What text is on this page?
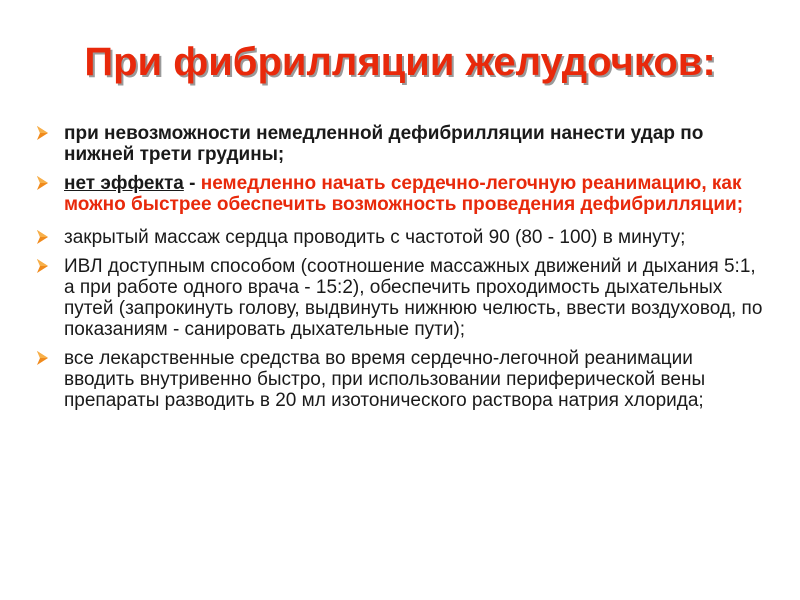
При фибрилляции желудочков:
при невозможности немедленной дефибрилляции нанести удар по нижней трети грудины;
нет эффекта - немедленно начать сердечно-легочную реанимацию, как можно быстрее обеспечить возможность проведения дефибрилляции;
закрытый массаж сердца проводить с частотой 90 (80 - 100) в минуту;
ИВЛ доступным способом (соотношение массажных движений и дыхания 5:1, а при работе одного врача - 15:2), обеспечить проходимость дыхательных путей (запрокинуть голову, выдвинуть нижнюю челюсть, ввести воздуховод, по показаниям - санировать дыхательные пути);
все лекарственные средства во время сердечно-легочной реанимации вводить внутривенно быстро, при использовании периферической вены препараты разводить в 20 мл изотонического раствора натрия хлорида;
